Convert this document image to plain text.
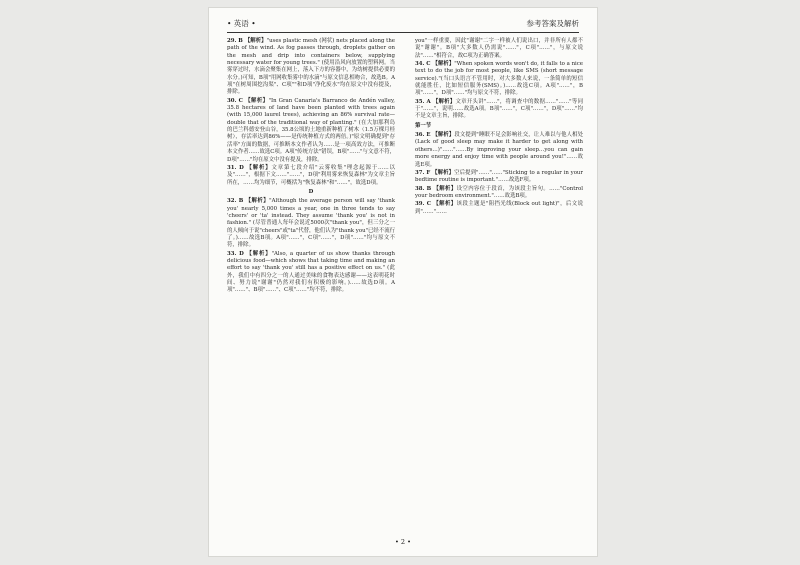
• 英语 •	参考答案及解析

29. B 【解析】"uses plastic mesh (网状) nets placed along the path of the wind. As fog passes through, droplets gather on the mesh and drip into containers below, supplying necessary water for young trees." (使用沿风向放置的塑料网。当雾穿过时，水滴会聚集在网上，落入下方的容器中，为幼树提供必要的水分。)可知，B项"用网收集雾中的水滴"与原文信息相吻合，故选B。A项"在树周围挖沟渠"、C项""和D项"净化废水"均在原文中没有提及，排除。

30. C 【解析】"In Gran Canaria's Barranco de Andén valley, 35.8 hectares of land have been planted with trees again (with 15,000 laurel trees), achieving an 86% survival rate—double that of the traditional way of planting." (在大加那利岛的巴兰科德安登山谷，35.8公顷的土地重新种植了树木（1.5万棵月桂树），存活率达到86%——是传统种植方式的两倍。)"原文明确提到"存活率"方面的数据，可推断本文作者认为……是一项高效方法，可推断本文作者……故选C项。A项"传统方法"错误，B项"……"与文意不符，D项"……"均在原文中没有提及，排除。

31. D 【解析】文章第七段介绍"云雾收集"理念起源于……以及"……"，根据下文……"……"，D项"利用雾来恢复森林"为文章主旨所在，……均为细节，可概括为"恢复森林"和"……"，故选D项。

D

32. B 【解析】"Although the average person will say 'thank you' nearly 5,000 times a year, one in three tends to say 'cheers' or 'ta' instead. They assume 'thank you' is not in fashion." (尽管普通人每年会说近5000次"thank you"，但三分之一的人倾向于说"cheers"或"ta"代替，他们认为"thank you"已经不流行了。)……故选B项。A项"……"，C项"……"，D项"……"均与原文不符，排除。

33. D 【解析】"Also, a quarter of us show thanks through delicious food—which shows that taking time and making an effort to say 'thank you' still has a positive effect on us." (此外，我们中有四分之一的人通过美味的食物表达感谢——这表明花时间、努力说"谢谢"仍然对我们有积极的影响。)……故选D项。A项"……"、B项"……"、C项"……"均不符，排除。

you"一样重要，因此"谢谢"二字一样被人们说出口，并非所有人都不说"谢谢"。B项"大多数人仍需说"……"，C项"……"，与原文说法"……"相符合，故C项为正确答案。

34. C 【解析】"When spoken words won't do, it falls to a nice text to do the job for most people, like SMS (short message service)."(当口头语言不管用时，对大多数人来说，一条简单的短信就能胜任，比如短信服务(SMS)。)……故选C项。A项"……"，B项"……"，D项"……"均与原文不符，排除。

35. A 【解析】文章开头讲"……"，将调查中的数据……"……"等同于"……"，说明……故选A项。B项"……"，C项"……"，D项"……"均不是文章主旨，排除。

第一节

36. E 【解析】段文提到"睡眠不足会影响社交，让人难以与他人相处(Lack of good sleep may make it harder to get along with others…)"……"……By improving your sleep…you can gain more energy and enjoy time with people around you!"……故选E项。

37. F 【解析】空后提到"……"……"Sticking to a regular in your bedtime routine is important."……故选F项。

38. B 【解析】设空内容位于段首，为该段主旨句。……"Control your bedroom environment."……故选B项。

39. C 【解析】该段主题是"阻挡光线(Block out light)"，后文说到"……"……

• 2 •
